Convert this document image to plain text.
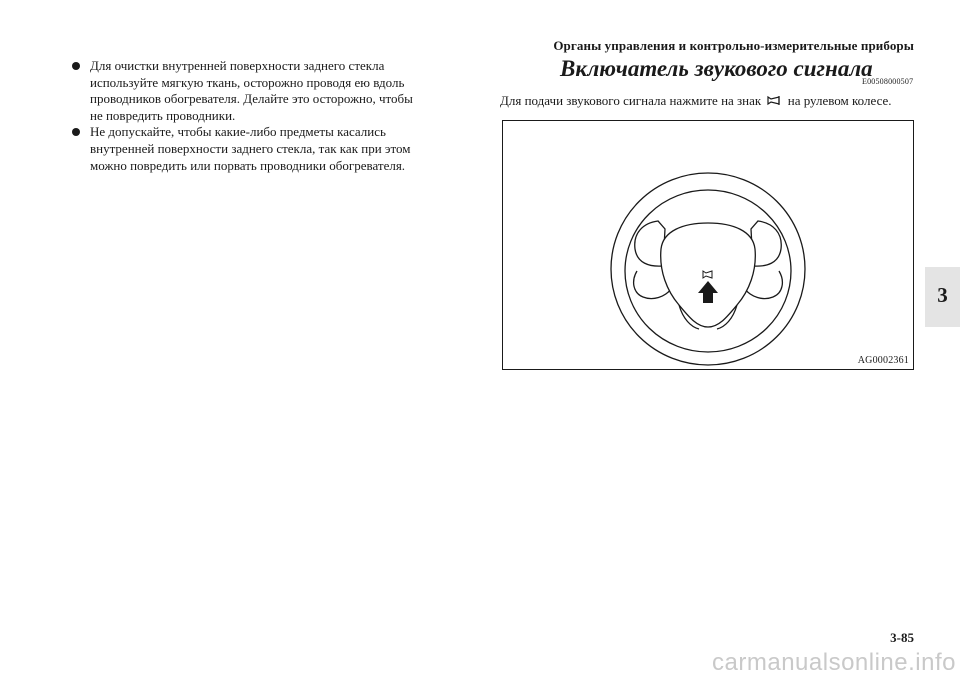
Органы управления и контрольно-измерительные приборы
Для очистки внутренней поверхности заднего стекла
используйте мягкую ткань, осторожно проводя ею вдоль
проводников обогревателя. Делайте это осторожно, чтобы
не повредить проводники.
Не допускайте, чтобы какие-либо предметы касались
внутренней поверхности заднего стекла, так как при этом
можно повредить или порвать проводники обогревателя.
Включатель звукового сигнала
E00508000507
Для подачи звукового сигнала нажмите на знак на рулевом колесе.
AG0002361
3
3-85
carmanualsonline.info
